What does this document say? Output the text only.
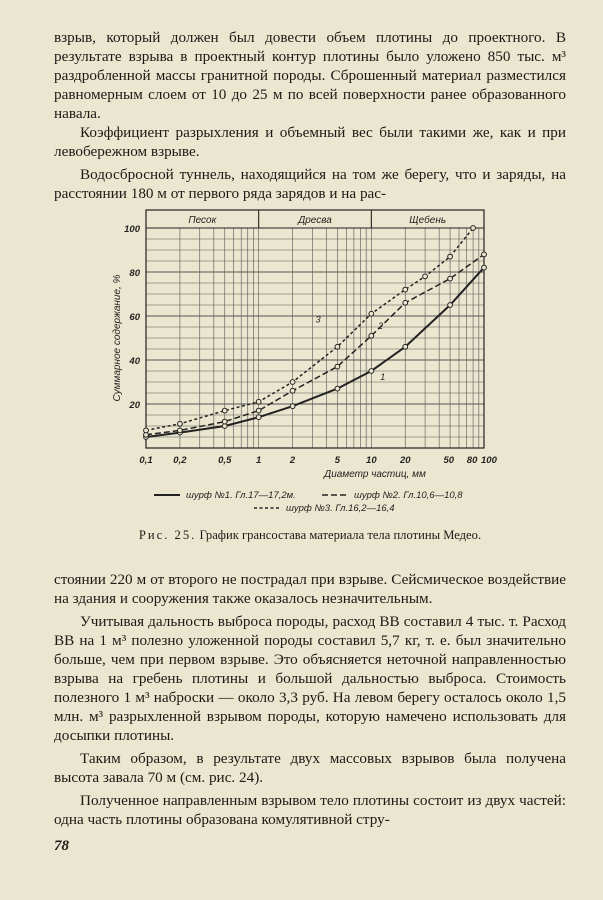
взрыв, который должен был довести объем плотины до проектного. В результате взрыва в проектный контур плотины было уложено 850 тыс. м³ раздробленной массы гранитной породы. Сброшенный материал разместился равномерным слоем от 10 до 25 м по всей поверхности ранее образованного навала.

Коэффициент разрыхления и объемный вес были такими же, как и при левобережном взрыве.

Водосбросной туннель, находящийся на том же берегу, что и заряды, на расстоянии 180 м от первого ряда зарядов и на рас-

Песок	Дресва	Щебень
20
40
60
80
100
0,1 0,2	0,5	1	2	5	10 20	50 80 100
Диаметр частиц, мм
Суммарное содержание, %	1
2
3
шурф №1. Гл.17—17,2м.	шурф №2. Гл.10,6—10,8
шурф №3. Гл.16,2—16,4
Рис. 25. График грансостава материала тела плотины Медео.

стоянии 220 м от второго не пострадал при взрыве. Сейсмическое воздействие на здания и сооружения также оказалось незначительным.

Учитывая дальность выброса породы, расход ВВ составил 4 тыс. т. Расход ВВ на 1 м³ полезно уложенной породы составил 5,7 кг, т. е. был значительно больше, чем при первом взрыве. Это объясняется неточной направленностью взрыва на гребень плотины и большой дальностью выброса. Стоимость полезного 1 м³ наброски — около 3,3 руб. На левом берегу осталось около 1,5 млн. м³ разрыхленной взрывом породы, которую намечено использовать для досыпки плотины.

Таким образом, в результате двух массовых взрывов была получена высота завала 70 м (см. рис. 24).

Полученное направленным взрывом тело плотины состоит из двух частей: одна часть плотины образована комулятивной стру-

78
